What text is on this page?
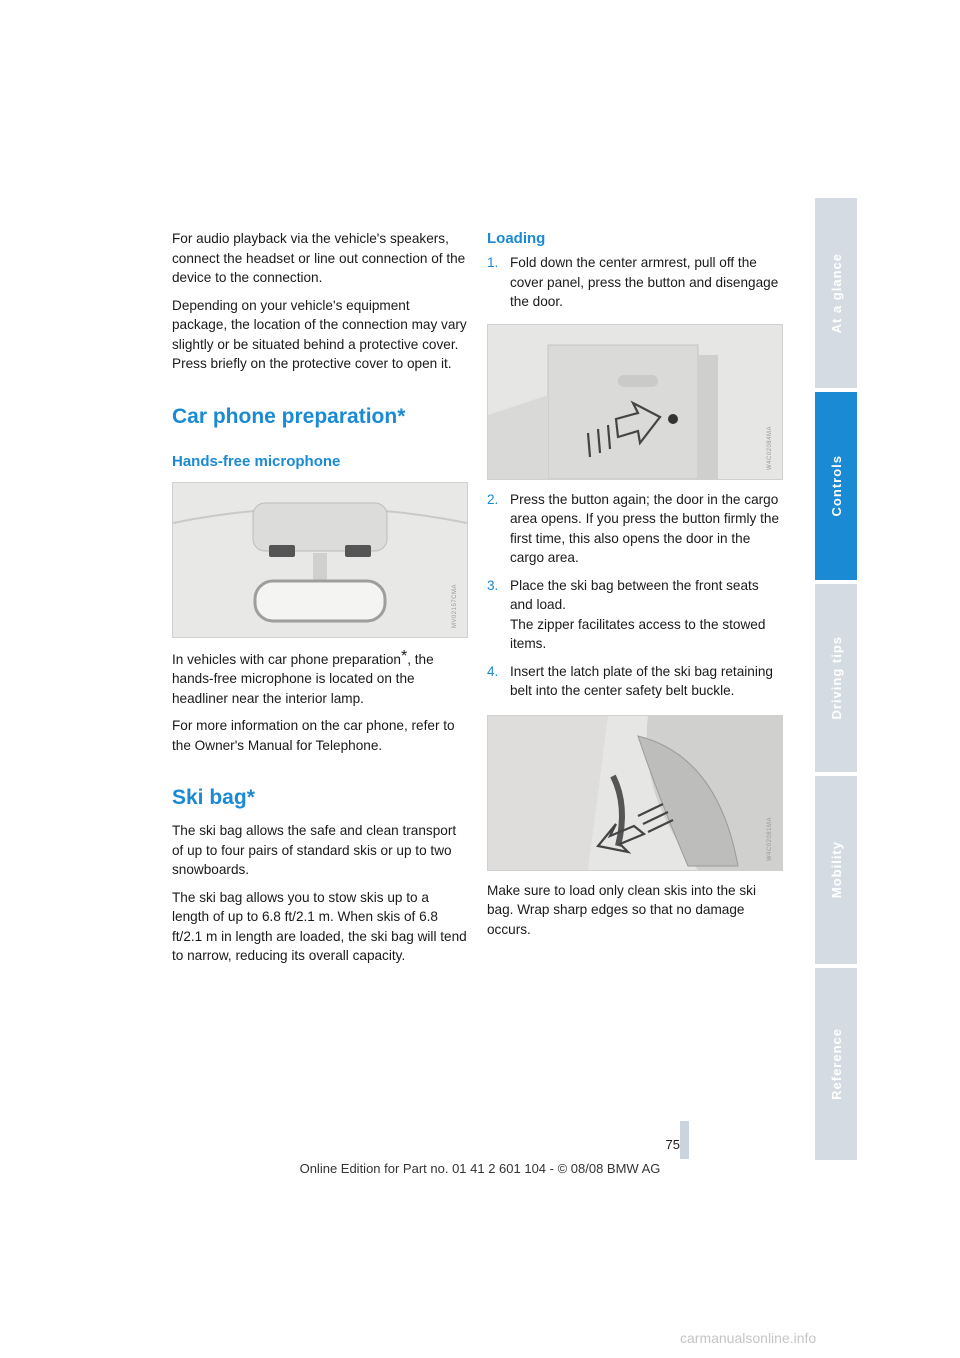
For audio playback via the vehicle's speakers, connect the headset or line out connection of the device to the connection.

Depending on your vehicle's equipment package, the location of the connection may vary slightly or be situated behind a protective cover. Press briefly on the protective cover to open it.

Car phone preparation*
Hands-free microphone
MV02157CMA

In vehicles with car phone preparation*, the hands-free microphone is located on the headliner near the interior lamp.

For more information on the car phone, refer to the Owner's Manual for Telephone.

Ski bag*

The ski bag allows the safe and clean transport of up to four pairs of standard skis or up to two snowboards.

The ski bag allows you to stow skis up to a length of up to 6.8 ft/2.1 m. When skis of 6.8 ft/2.1 m in length are loaded, the ski bag will tend to narrow, reducing its overall capacity.

Loading
1. Fold down the center armrest, pull off the cover panel, press the button and disengage the door.
W4C02084MA
2. Press the button again; the door in the cargo area opens. If you press the button firmly the first time, this also opens the door in the cargo area.
3. Place the ski bag between the front seats and load.
The zipper facilitates access to the stowed items.
4. Insert the latch plate of the ski bag retaining belt into the center safety belt buckle.
W4C02081MA

Make sure to load only clean skis into the ski bag. Wrap sharp edges so that no damage occurs.

At a glance
Controls
Driving tips
Mobility
Reference
75
Online Edition for Part no. 01 41 2 601 104 - © 08/08 BMW AG
carmanualsonline.info
